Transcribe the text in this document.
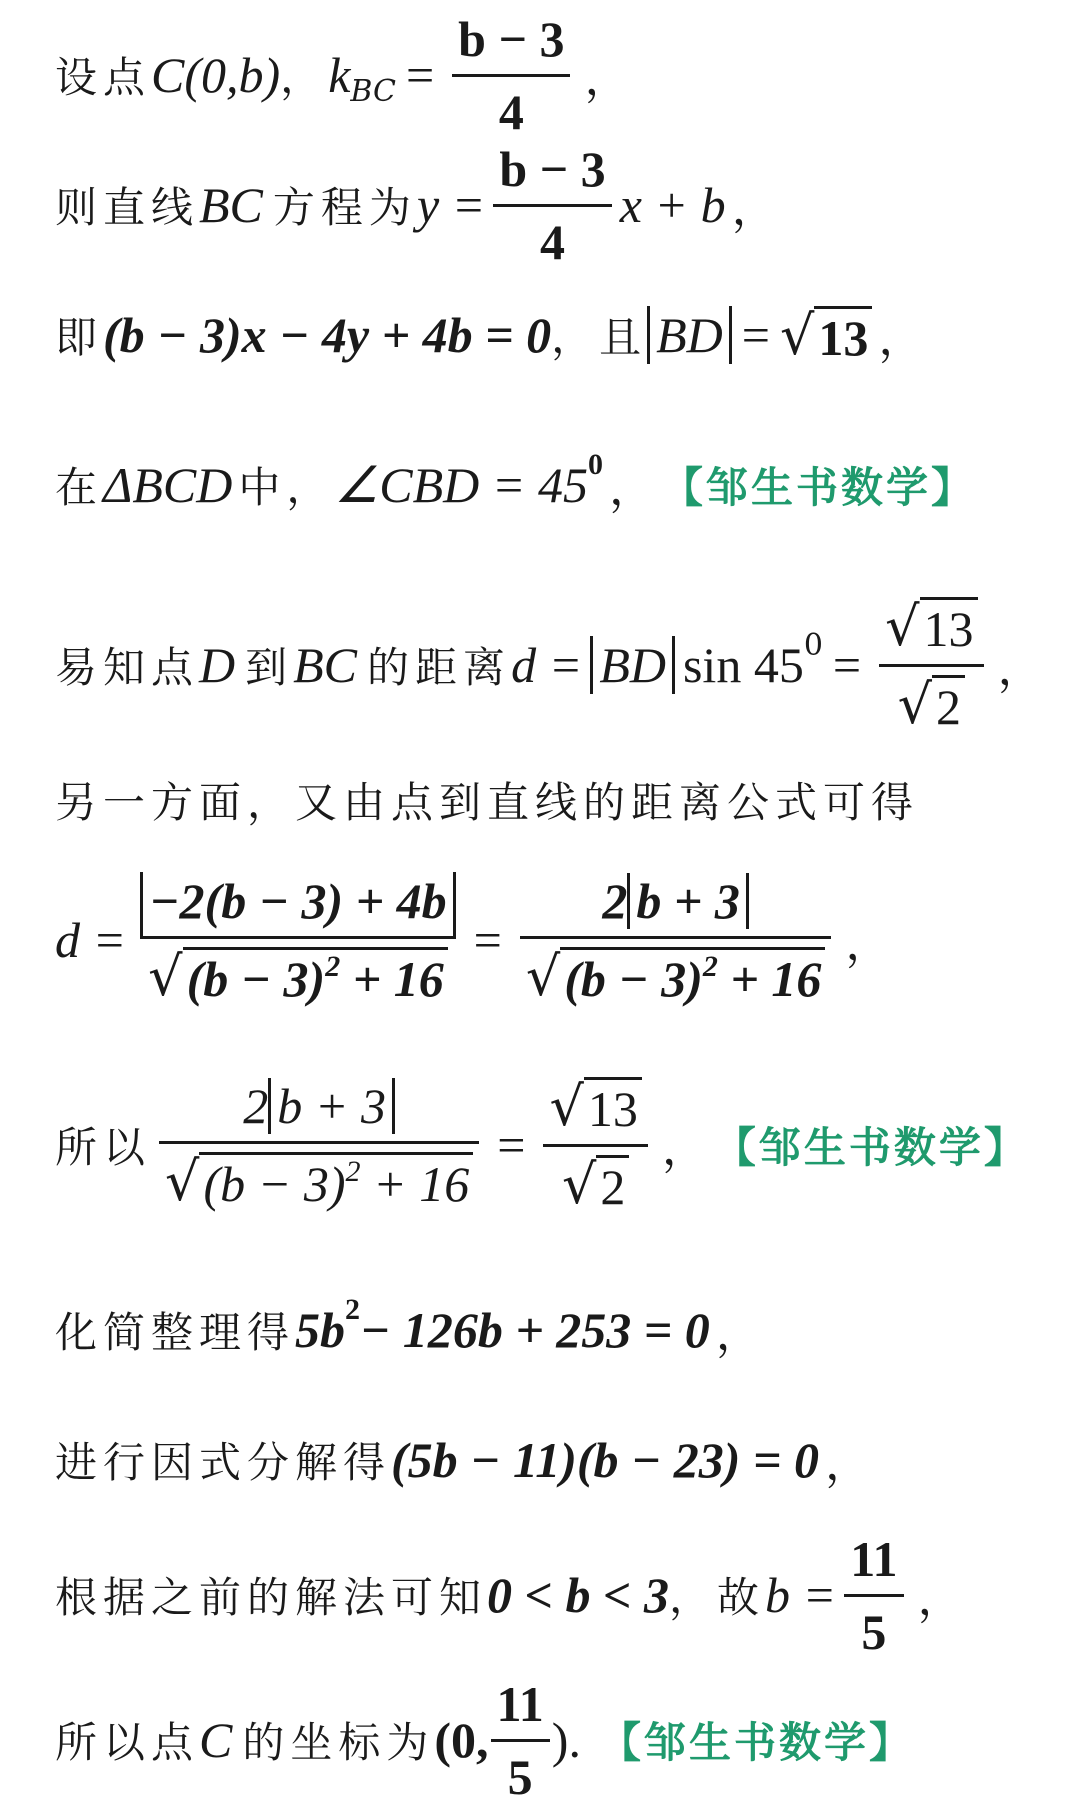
设点 C(0,b) ， k BC = $\frac{b - 3}{4}$ ，
则直线 BC 方程为 $y = \frac{b - 3}{4}$ x + b ，
即 (b − 3)x − 4y + 4b = 0 ，且 BD = √ 13 ，
在 ΔBCD 中， ∠CBD = 45 0 ， 【邹生书数学】
易知点 D 到 BC 的距离 d = BD sin 45 $0 = \frac{√ 13}{√ 2}$ ，
另一方面，又由点到直线的距离公式可得
$d = \frac{-2(b - 3) + 4b}{√ (b - 3)^2 + 16} = \frac{2 b + 3}{√ (b - 3)^2 + 16}$ ，
所以 $\frac{2 b + 3}{√ (b - 3)^2 + 16} = \frac{√ 13}{√ 2}$ ， 【邹生书数学】
化简整理得 5b 2 − 126b + 253 = 0 ，
进行因式分解得 (5b − 11)(b − 23) = 0 ，
根据之前的解法可知 0 < b < 3 ，故 $b = \frac{11}{5}$ ，
所以点 C 的坐标为 (0, $\frac{11}{5}$ ). 【邹生书数学】
